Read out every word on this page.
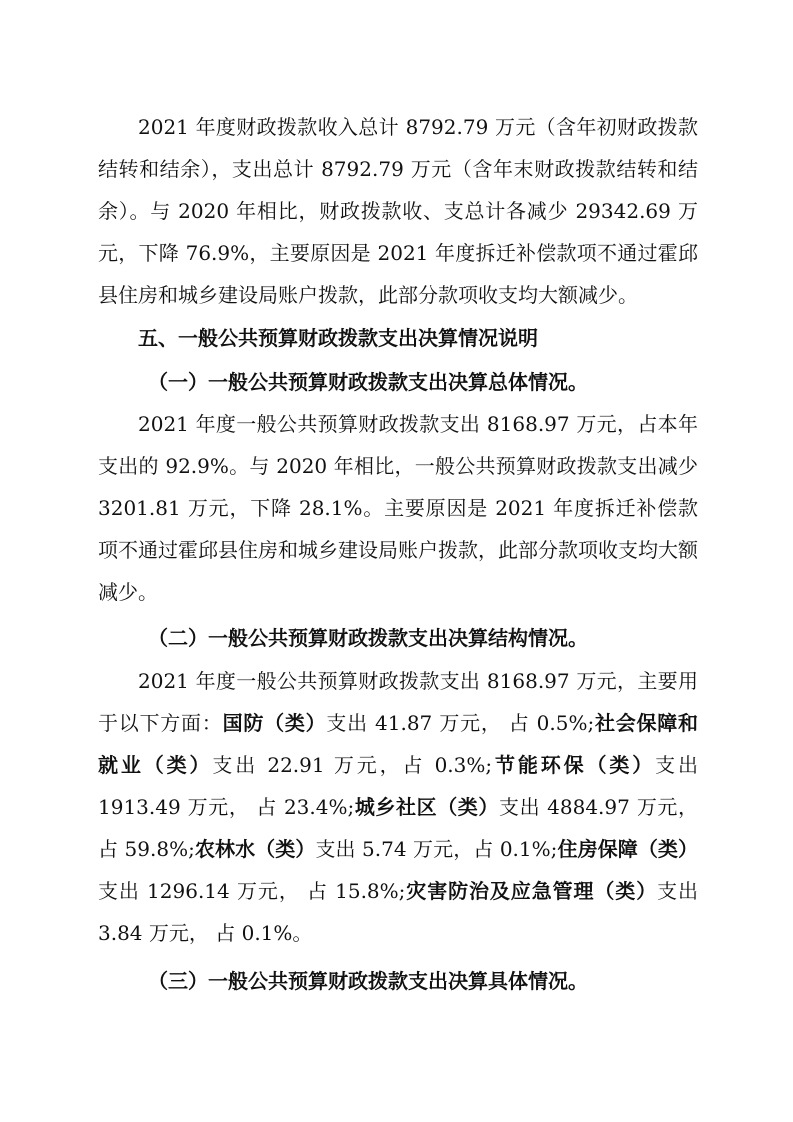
2021 年度财政拨款收入总计 8792.79 万元（含年初财政拨款结转和结余），支出总计 8792.79 万元（含年末财政拨款结转和结余）。与 2020 年相比，财政拨款收、支总计各减少 29342.69 万元，下降 76.9%，主要原因是 2021 年度拆迁补偿款项不通过霍邱县住房和城乡建设局账户拨款，此部分款项收支均大额减少。

五、一般公共预算财政拨款支出决算情况说明
（一）一般公共预算财政拨款支出决算总体情况。

2021 年度一般公共预算财政拨款支出 8168.97 万元，占本年支出的 92.9%。与 2020 年相比，一般公共预算财政拨款支出减少 3201.81 万元，下降 28.1%。主要原因是 2021 年度拆迁补偿款项不通过霍邱县住房和城乡建设局账户拨款，此部分款项收支均大额减少。

（二）一般公共预算财政拨款支出决算结构情况。

2021 年度一般公共预算财政拨款支出 8168.97 万元，主要用于以下方面：国防（类）支出 41.87 万元， 占 0.5%;社会保障和就业（类）支出 22.91 万元，占 0.3%;节能环保（类）支出 1913.49 万元， 占 23.4%;城乡社区（类）支出 4884.97 万元， 占 59.8%;农林水（类）支出 5.74 万元，占 0.1%;住房保障（类）支出 1296.14 万元， 占 15.8%;灾害防治及应急管理（类）支出 3.84 万元， 占 0.1%。

（三）一般公共预算财政拨款支出决算具体情况。
